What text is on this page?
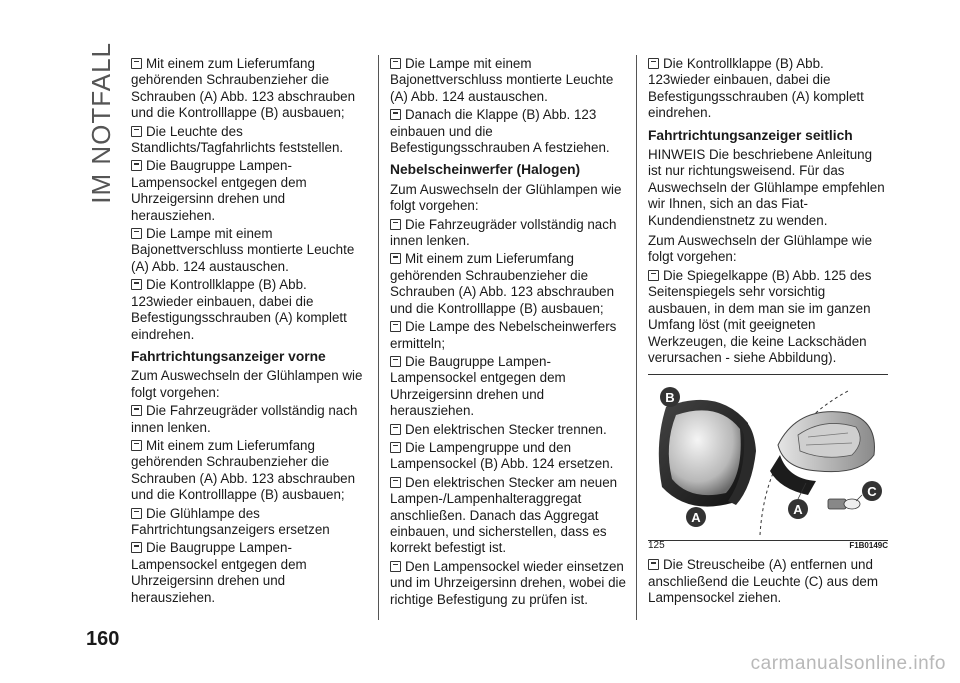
IM NOTFALL	Mit einem zum Lieferumfang gehörenden Schraubenzieher die Schrauben (A) Abb. 123 abschrauben und die Kontrolllappe (B) ausbauen;

Die Leuchte des Standlichts/Tagfahrlichts feststellen.

Die Baugruppe Lampen-Lampensockel entgegen dem Uhrzeigersinn drehen und herausziehen.

Die Lampe mit einem Bajonettverschluss montierte Leuchte (A) Abb. 124 austauschen.

Die Kontrollklappe (B) Abb. 123wieder einbauen, dabei die Befestigungsschrauben (A) komplett eindrehen.

Fahrtrichtungsanzeiger vorne

Zum Auswechseln der Glühlampen wie folgt vorgehen:

Die Fahrzeugräder vollständig nach innen lenken.

Mit einem zum Lieferumfang gehörenden Schraubenzieher die Schrauben (A) Abb. 123 abschrauben und die Kontrolllappe (B) ausbauen;

Die Glühlampe des Fahrtrichtungsanzeigers ersetzen

Die Baugruppe Lampen-Lampensockel entgegen dem Uhrzeigersinn drehen und herausziehen.

Die Lampe mit einem Bajonettverschluss montierte Leuchte (A) Abb. 124 austauschen.

Danach die Klappe (B) Abb. 123 einbauen und die Befestigungsschrauben A festziehen.

Nebelscheinwerfer (Halogen)

Zum Auswechseln der Glühlampen wie folgt vorgehen:

Die Fahrzeugräder vollständig nach innen lenken.

Mit einem zum Lieferumfang gehörenden Schraubenzieher die Schrauben (A) Abb. 123 abschrauben und die Kontrolllappe (B) ausbauen;

Die Lampe des Nebelscheinwerfers ermitteln;

Die Baugruppe Lampen-Lampensockel entgegen dem Uhrzeigersinn drehen und herausziehen.

Den elektrischen Stecker trennen.

Die Lampengruppe und den Lampensockel (B) Abb. 124 ersetzen.

Den elektrischen Stecker am neuen Lampen-/Lampenhalteraggregat anschließen. Danach das Aggregat einbauen, und sicherstellen, dass es korrekt befestigt ist.

Den Lampensockel wieder einsetzen und im Uhrzeigersinn drehen, wobei die richtige Befestigung zu prüfen ist.

Die Kontrollklappe (B) Abb. 123wieder einbauen, dabei die Befestigungsschrauben (A) komplett eindrehen.

Fahrtrichtungsanzeiger seitlich

HINWEIS Die beschriebene Anleitung ist nur richtungsweisend. Für das Auswechseln der Glühlampe empfehlen wir Ihnen, sich an das Fiat-Kundendienstnetz zu wenden.

Zum Auswechseln der Glühlampe wie folgt vorgehen:

Die Spiegelkappe (B) Abb. 125 des Seitenspiegels sehr vorsichtig ausbauen, in dem man sie im ganzen Umfang löst (mit geeigneten Werkzeugen, die keine Lackschäden verursachen - siehe Abbildung).

B
A
A
C
125	F1B0149C

Die Streuscheibe (A) entfernen und anschließend die Leuchte (C) aus dem Lampensockel ziehen.

160
carmanualsonline.info
